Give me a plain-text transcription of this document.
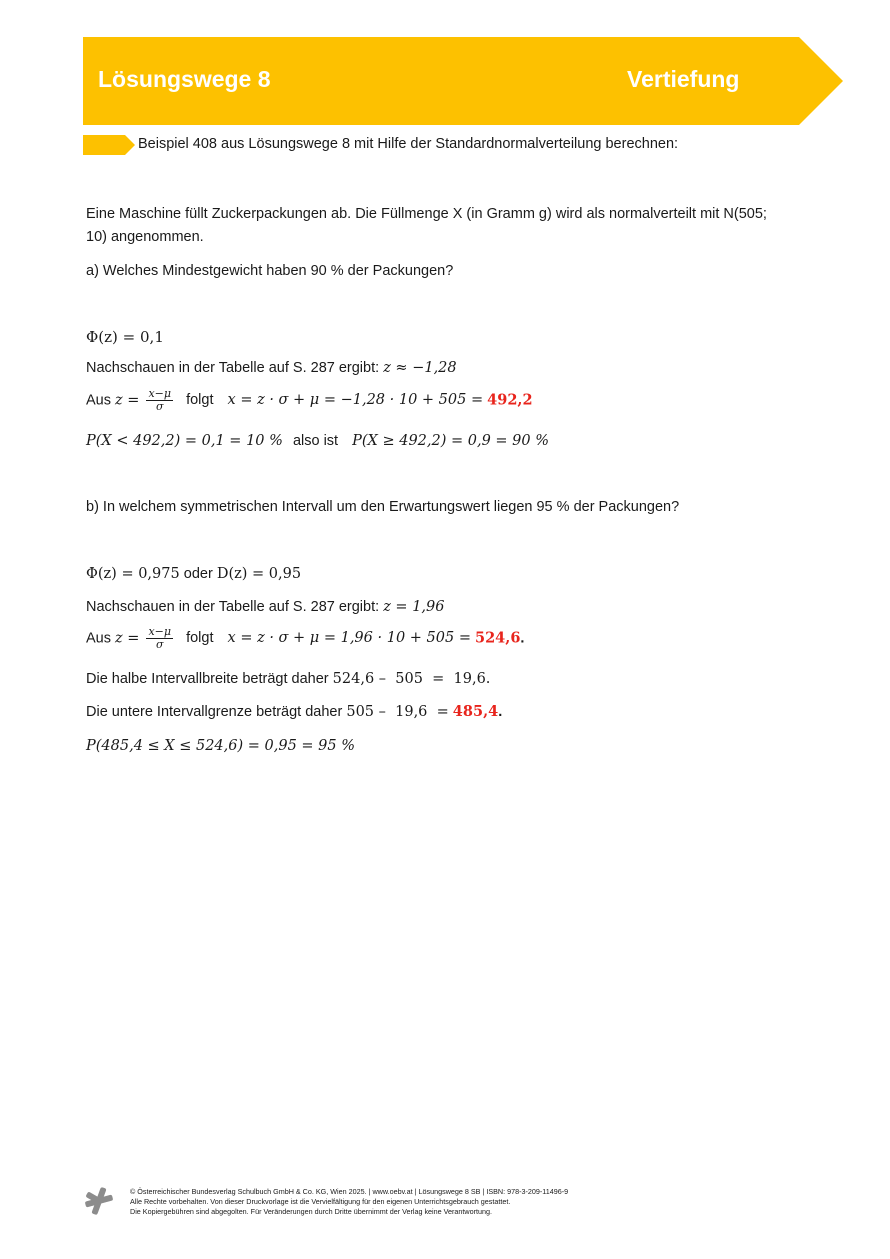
Lösungswege 8	Vertiefung
Beispiel 408 aus Lösungswege 8 mit Hilfe der Standardnormalverteilung berechnen:
Eine Maschine füllt Zuckerpackungen ab. Die Füllmenge X (in Gramm g) wird als normalverteilt mit N(505;
10) angenommen.
a) Welches Mindestgewicht haben 90 % der Packungen?
Φ(z) = 0,1
Nachschauen in der Tabelle auf S. 287 ergibt: z ≈ −1,28
Aus $z = \frac{x-\mu}{\sigma}$ folgt x = z · σ + μ = −1,28 · 10 + 505 = 492,2
P(X < 492,2) = 0,1 = 10 % also ist P(X ≥ 492,2) = 0,9 = 90 %
b) In welchem symmetrischen Intervall um den Erwartungswert liegen 95 % der Packungen?
Φ(z) = 0,975 oder D(z) = 0,95
Nachschauen in der Tabelle auf S. 287 ergibt: z = 1,96
Aus $z = \frac{x-\mu}{\sigma}$ folgt x = z · σ + μ = 1,96 · 10 + 505 = 524,6.
Die halbe Intervallbreite beträgt daher 524,6 –  505  =  19,6.
Die untere Intervallgrenze beträgt daher 505 –  19,6  = 485,4.
P(485,4 ≤ X ≤ 524,6) = 0,95 = 95 %
© Österreichischer Bundesverlag Schulbuch GmbH & Co. KG, Wien 2025. | www.oebv.at | Lösungswege 8 SB | ISBN: 978-3-209-11496-9
Alle Rechte vorbehalten. Von dieser Druckvorlage ist die Vervielfältigung für den eigenen Unterrichtsgebrauch gestattet.
Die Kopiergebühren sind abgegolten. Für Veränderungen durch Dritte übernimmt der Verlag keine Verantwortung.
